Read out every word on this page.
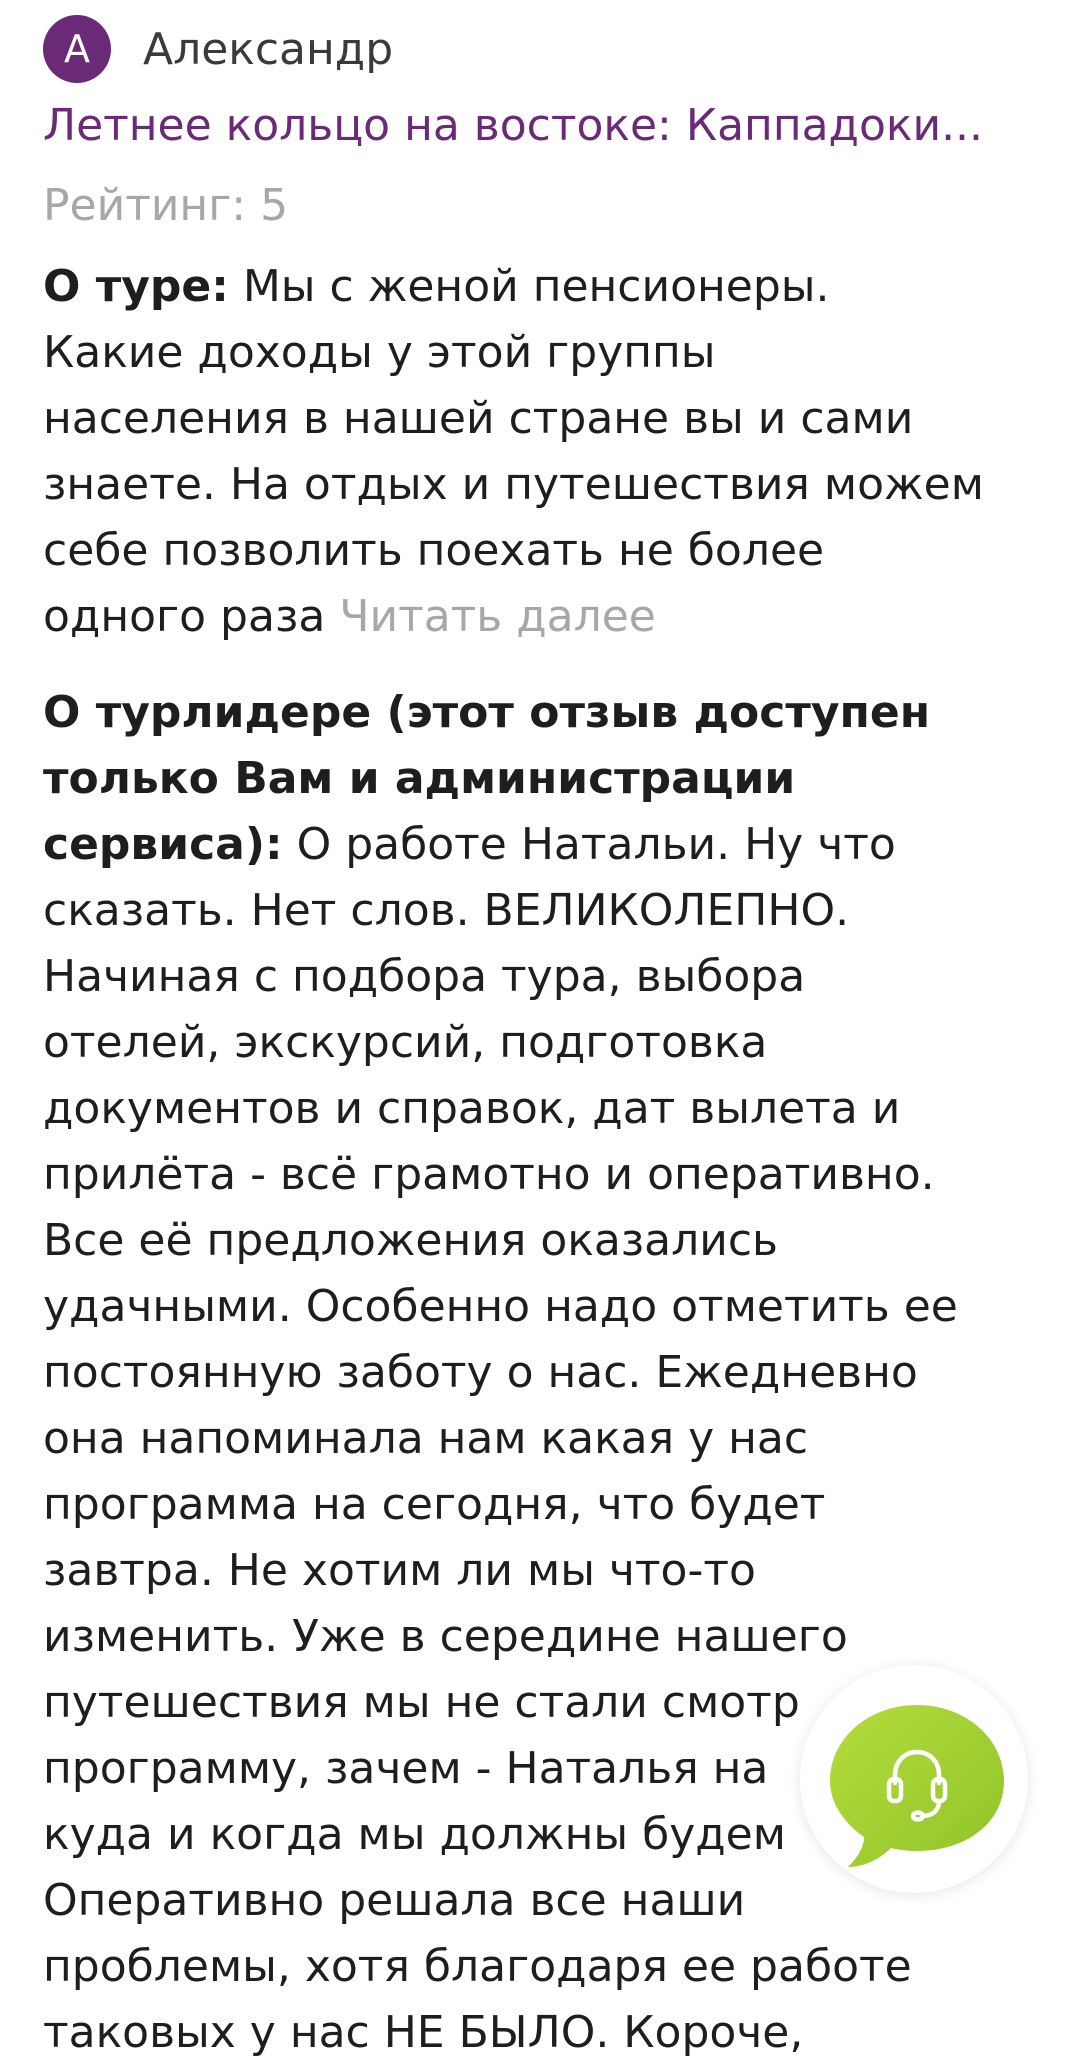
А	Александр
Летнее кольцо на востоке: Каппадоки...
Рейтинг: 5
О туре: Мы с женой пенсионеры.
Какие доходы у этой группы
населения в нашей стране вы и сами
знаете. На отдых и путешествия можем
себе позволить поехать не более
одного раза Читать далее
О турлидере (этот отзыв доступен
только Вам и администрации
сервиса): О работе Натальи. Ну что
сказать. Нет слов. ВЕЛИКОЛЕПНО.
Начиная с подбора тура, выбора
отелей, экскурсий, подготовка
документов и справок, дат вылета и
прилёта - всё грамотно и оперативно.
Все её предложения оказались
удачными. Особенно надо отметить ее
постоянную заботу о нас. Ежедневно
она напоминала нам какая у нас
программа на сегодня, что будет
завтра. Не хотим ли мы что-то
изменить. Уже в середине нашего
путешествия мы не стали смотр
программу, зачем - Наталья на
куда и когда мы должны будем
Оперативно решала все наши
проблемы, хотя благодаря ее работе
таковых у нас НЕ БЫЛО. Короче,
